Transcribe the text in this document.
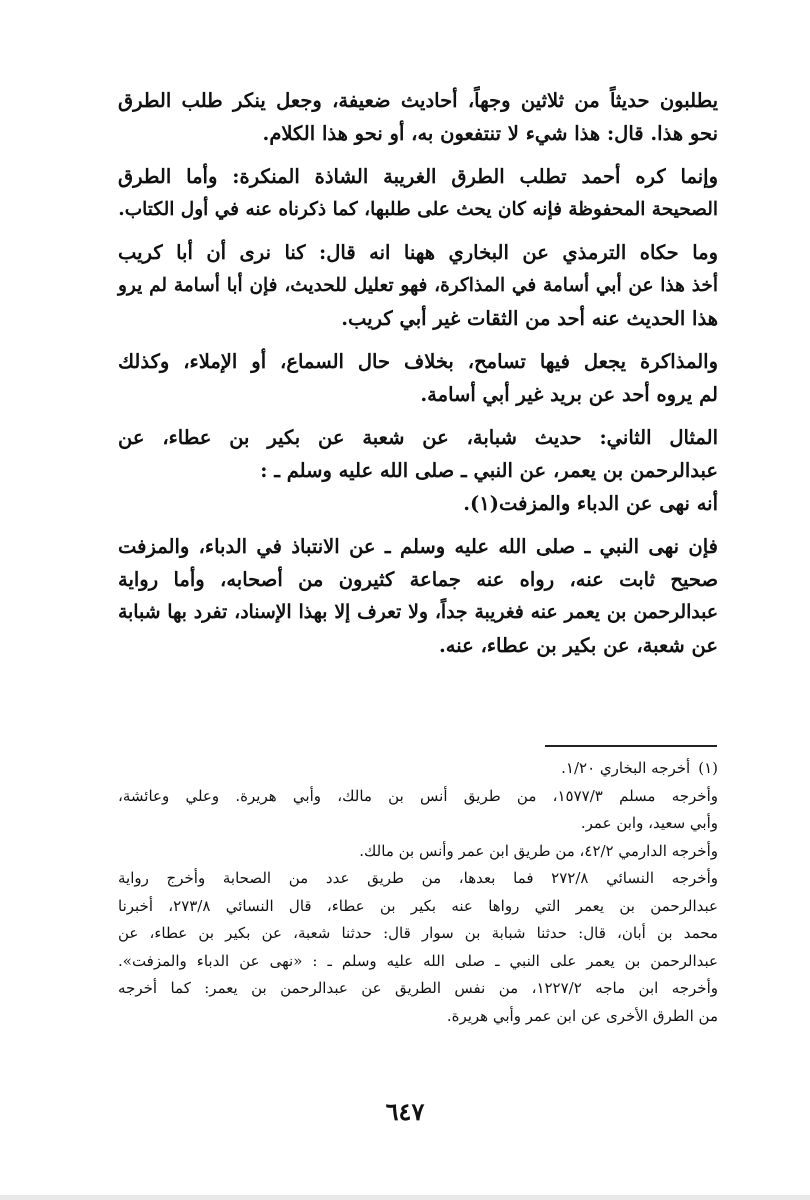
يطلبون حديثاً من ثلاثين وجهاً، أحاديث ضعيفة، وجعل ينكر طلب الطرق
نحو هذا. قال: هذا شيء لا تنتفعون به، أو نحو هذا الكلام.

وإنما كره أحمد تطلب الطرق الغريبة الشاذة المنكرة: وأما الطرق
الصحيحة المحفوظة فإنه كان يحث على طلبها، كما ذكرناه عنه في أول الكتاب.

وما حكاه الترمذي عن البخاري ههنا انه قال: كنا نرى أن أبا كريب
أخذ هذا عن أبي أسامة في المذاكرة، فهو تعليل للحديث، فإن أبا أسامة لم يرو
هذا الحديث عنه أحد من الثقات غير أبي كريب.

والمذاكرة يجعل فيها تسامح، بخلاف حال السماع، أو الإملاء، وكذلك
لم يروه أحد عن بريد غير أبي أسامة.

المثال الثاني: حديث شبابة، عن شعبة عن بكير بن عطاء، عن
عبدالرحمن بن يعمر، عن النبي ـ صلى الله عليه وسلم ـ :
أنه نهى عن الدباء والمزفت(١).

فإن نهى النبي ـ صلى الله عليه وسلم ـ عن الانتباذ في الدباء، والمزفت
صحيح ثابت عنه، رواه عنه جماعة كثيرون من أصحابه، وأما رواية
عبدالرحمن بن يعمر عنه فغريبة جداً، ولا تعرف إلا بهذا الإسناد، تفرد بها شبابة
عن شعبة، عن بكير بن عطاء، عنه.

(١)أخرجه البخاري ١/٢٠.
وأخرجه مسلم ١٥٧٧/٣، من طريق أنس بن مالك، وأبي هريرة. وعلي وعائشة،
وأبي سعيد، وابن عمر.
وأخرجه الدارمي ٤٢/٢، من طريق ابن عمر وأنس بن مالك.
وأخرجه النسائي ٢٧٢/٨ فما بعدها، من طريق عدد من الصحابة وأخرج رواية
عبدالرحمن بن يعمر التي رواها عنه بكير بن عطاء، قال النسائي ٢٧٣/٨، أخبرنا
محمد بن أبان، قال: حدثنا شبابة بن سوار قال: حدثنا شعبة، عن بكير بن عطاء، عن
عبدالرحمن بن يعمر على النبي ـ صلى الله عليه وسلم ـ : «نهى عن الدباء والمزفت».
وأخرجه ابن ماجه ١٢٢٧/٢، من نفس الطريق عن عبدالرحمن بن يعمر: كما أخرجه
من الطرق الأخرى عن ابن عمر وأبي هريرة.
٦٤٧
